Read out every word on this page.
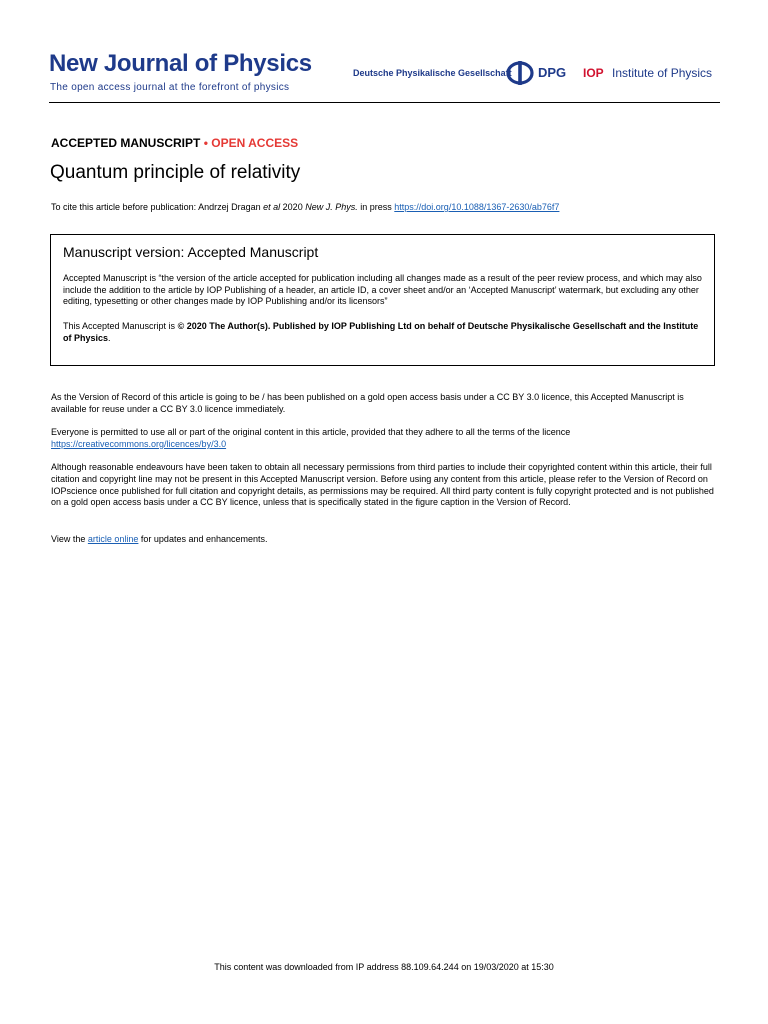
New Journal of Physics
The open access journal at the forefront of physics
Deutsche Physikalische Gesellschaft DPG IOP Institute of Physics
ACCEPTED MANUSCRIPT • OPEN ACCESS
Quantum principle of relativity
To cite this article before publication: Andrzej Dragan et al 2020 New J. Phys. in press https://doi.org/10.1088/1367-2630/ab76f7
Manuscript version: Accepted Manuscript

Accepted Manuscript is “the version of the article accepted for publication including all changes made as a result of the peer review process, and which may also include the addition to the article by IOP Publishing of a header, an article ID, a cover sheet and/or an ‘Accepted Manuscript’ watermark, but excluding any other editing, typesetting or other changes made by IOP Publishing and/or its licensors”

This Accepted Manuscript is © 2020 The Author(s). Published by IOP Publishing Ltd on behalf of Deutsche Physikalische Gesellschaft and the Institute of Physics.

As the Version of Record of this article is going to be / has been published on a gold open access basis under a CC BY 3.0 licence, this Accepted Manuscript is available for reuse under a CC BY 3.0 licence immediately.

Everyone is permitted to use all or part of the original content in this article, provided that they adhere to all the terms of the licence
https://creativecommons.org/licences/by/3.0

Although reasonable endeavours have been taken to obtain all necessary permissions from third parties to include their copyrighted content within this article, their full citation and copyright line may not be present in this Accepted Manuscript version. Before using any content from this article, please refer to the Version of Record on IOPscience once published for full citation and copyright details, as permissions may be required. All third party content is fully copyright protected and is not published on a gold open access basis under a CC BY licence, unless that is specifically stated in the figure caption in the Version of Record.

View the article online for updates and enhancements.

This content was downloaded from IP address 88.109.64.244 on 19/03/2020 at 15:30
